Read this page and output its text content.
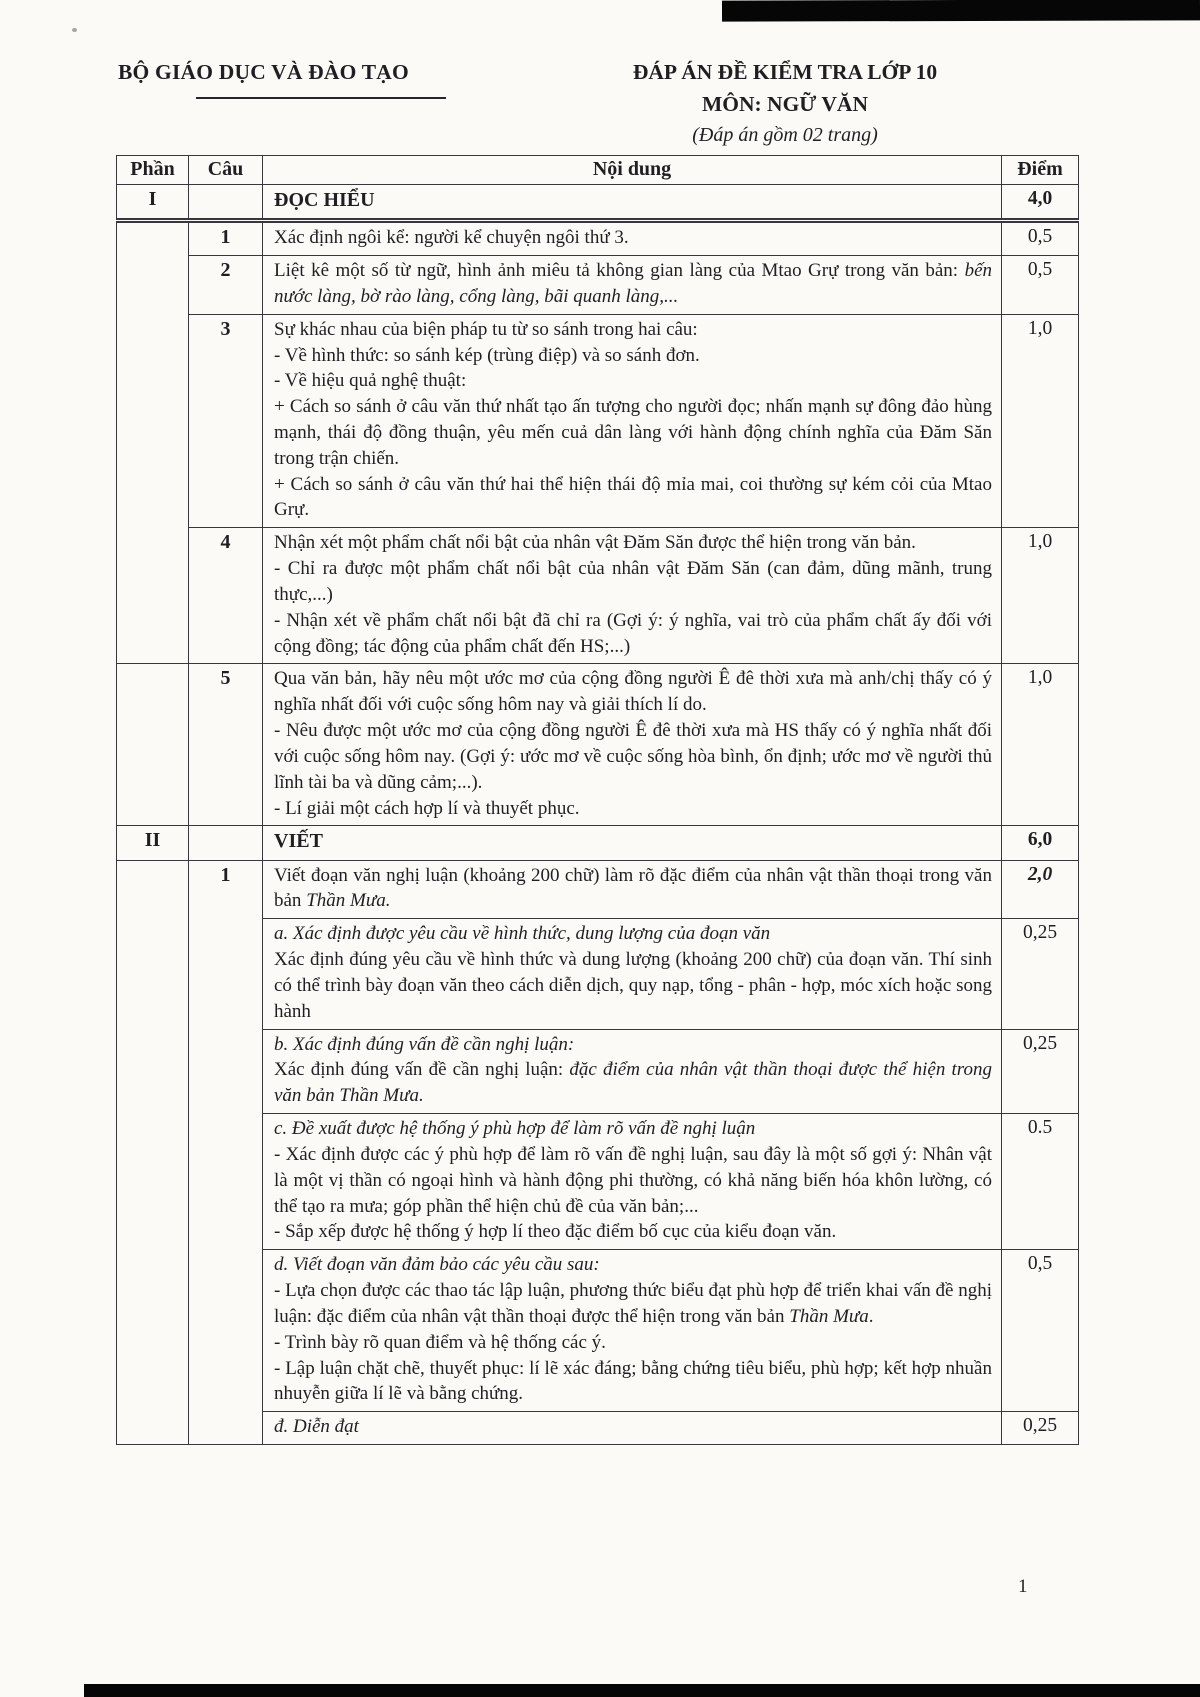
BỘ GIÁO DỤC VÀ ĐÀO TẠO	ĐÁP ÁN ĐỀ KIỂM TRA LỚP 10
MÔN: NGỮ VĂN
(Đáp án gồm 02 trang)
Phần	Câu	Nội dung	Điểm
I		ĐỌC HIỂU	4,0
	1	Xác định ngôi kể: người kể chuyện ngôi thứ 3.	0,5
	2	Liệt kê một số từ ngữ, hình ảnh miêu tả không gian làng của Mtao Grự trong văn bản: bến nước làng, bờ rào làng, cổng làng, bãi quanh làng,...	0,5
	3	Sự khác nhau của biện pháp tu từ so sánh trong hai câu:

- Về hình thức: so sánh kép (trùng điệp) và so sánh đơn.

- Về hiệu quả nghệ thuật:

+ Cách so sánh ở câu văn thứ nhất tạo ấn tượng cho người đọc; nhấn mạnh sự đông đảo hùng mạnh, thái độ đồng thuận, yêu mến cuả dân làng với hành động chính nghĩa của Đăm Săn trong trận chiến.

+ Cách so sánh ở câu văn thứ hai thể hiện thái độ mỉa mai, coi thường sự kém cỏi của Mtao Grự.	1,0
	4	Nhận xét một phẩm chất nổi bật của nhân vật Đăm Săn được thể hiện trong văn bản.

- Chỉ ra được một phẩm chất nổi bật của nhân vật Đăm Săn (can đảm, dũng mãnh, trung thực,...)

- Nhận xét về phẩm chất nổi bật đã chỉ ra (Gợi ý: ý nghĩa, vai trò của phẩm chất ấy đối với cộng đồng; tác động của phẩm chất đến HS;...)	1,0
	5	Qua văn bản, hãy nêu một ước mơ của cộng đồng người Ê đê thời xưa mà anh/chị thấy có ý nghĩa nhất đối với cuộc sống hôm nay và giải thích lí do.

- Nêu được một ước mơ của cộng đồng người Ê đê thời xưa mà HS thấy có ý nghĩa nhất đối với cuộc sống hôm nay. (Gợi ý: ước mơ về cuộc sống hòa bình, ổn định; ước mơ về người thủ lĩnh tài ba và dũng cảm;...).

- Lí giải một cách hợp lí và thuyết phục.	1,0
II		VIẾT	6,0
	1	Viết đoạn văn nghị luận (khoảng 200 chữ) làm rõ đặc điểm của nhân vật thần thoại trong văn bản Thần Mưa.	2,0

		a. Xác định được yêu cầu về hình thức, dung lượng của đoạn văn

Xác định đúng yêu cầu về hình thức và dung lượng (khoảng 200 chữ) của đoạn văn. Thí sinh có thể trình bày đoạn văn theo cách diễn dịch, quy nạp, tổng - phân - hợp, móc xích hoặc song hành	0,25

		b. Xác định đúng vấn đề cần nghị luận:

Xác định đúng vấn đề cần nghị luận: đặc điểm của nhân vật thần thoại được thể hiện trong văn bản Thần Mưa.	0,25

		c. Đề xuất được hệ thống ý phù hợp để làm rõ vấn đề nghị luận

- Xác định được các ý phù hợp để làm rõ vấn đề nghị luận, sau đây là một số gợi ý: Nhân vật là một vị thần có ngoại hình và hành động phi thường, có khả năng biến hóa khôn lường, có thể tạo ra mưa; góp phần thể hiện chủ đề của văn bản;...

- Sắp xếp được hệ thống ý hợp lí theo đặc điểm bố cục của kiểu đoạn văn.	0.5

		d. Viết đoạn văn đảm bảo các yêu cầu sau:

- Lựa chọn được các thao tác lập luận, phương thức biểu đạt phù hợp để triển khai vấn đề nghị luận: đặc điểm của nhân vật thần thoại được thể hiện trong văn bản Thần Mưa.

- Trình bày rõ quan điểm và hệ thống các ý.

- Lập luận chặt chẽ, thuyết phục: lí lẽ xác đáng; bằng chứng tiêu biểu, phù hợp; kết hợp nhuần nhuyễn giữa lí lẽ và bằng chứng.	0,5

		đ. Diễn đạt	0,25
1
